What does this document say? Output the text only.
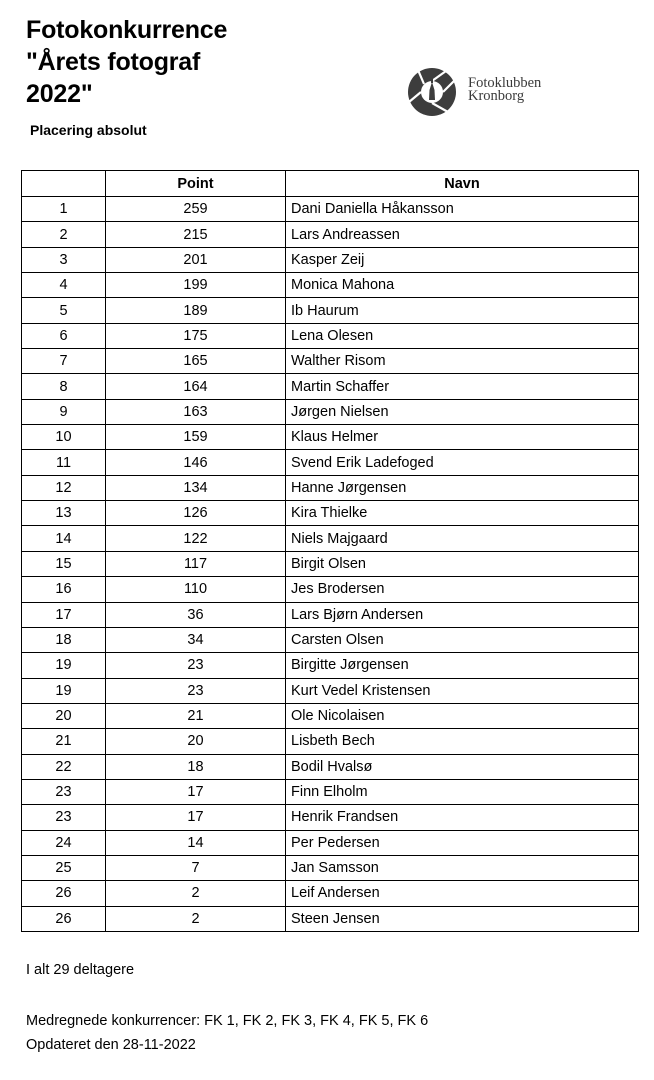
Fotokonkurrence
"Årets fotograf
2022"
Placering absolut
Fotoklubben
Kronborg
	Point	Navn
1	259	Dani Daniella Håkansson
2	215	Lars Andreassen
3	201	Kasper Zeij
4	199	Monica Mahona
5	189	Ib Haurum
6	175	Lena Olesen
7	165	Walther Risom
8	164	Martin Schaffer
9	163	Jørgen Nielsen
10	159	Klaus Helmer
11	146	Svend Erik Ladefoged
12	134	Hanne Jørgensen
13	126	Kira Thielke
14	122	Niels Majgaard
15	117	Birgit Olsen
16	110	Jes Brodersen
17	36	Lars Bjørn Andersen
18	34	Carsten Olsen
19	23	Birgitte Jørgensen
19	23	Kurt Vedel Kristensen
20	21	Ole Nicolaisen
21	20	Lisbeth Bech
22	18	Bodil Hvalsø
23	17	Finn Elholm
23	17	Henrik Frandsen
24	14	Per Pedersen
25	7	Jan Samsson
26	2	Leif Andersen
26	2	Steen Jensen
I alt 29 deltagere
Medregnede konkurrencer: FK 1, FK 2, FK 3, FK 4, FK 5, FK 6
Opdateret den 28-11-2022
